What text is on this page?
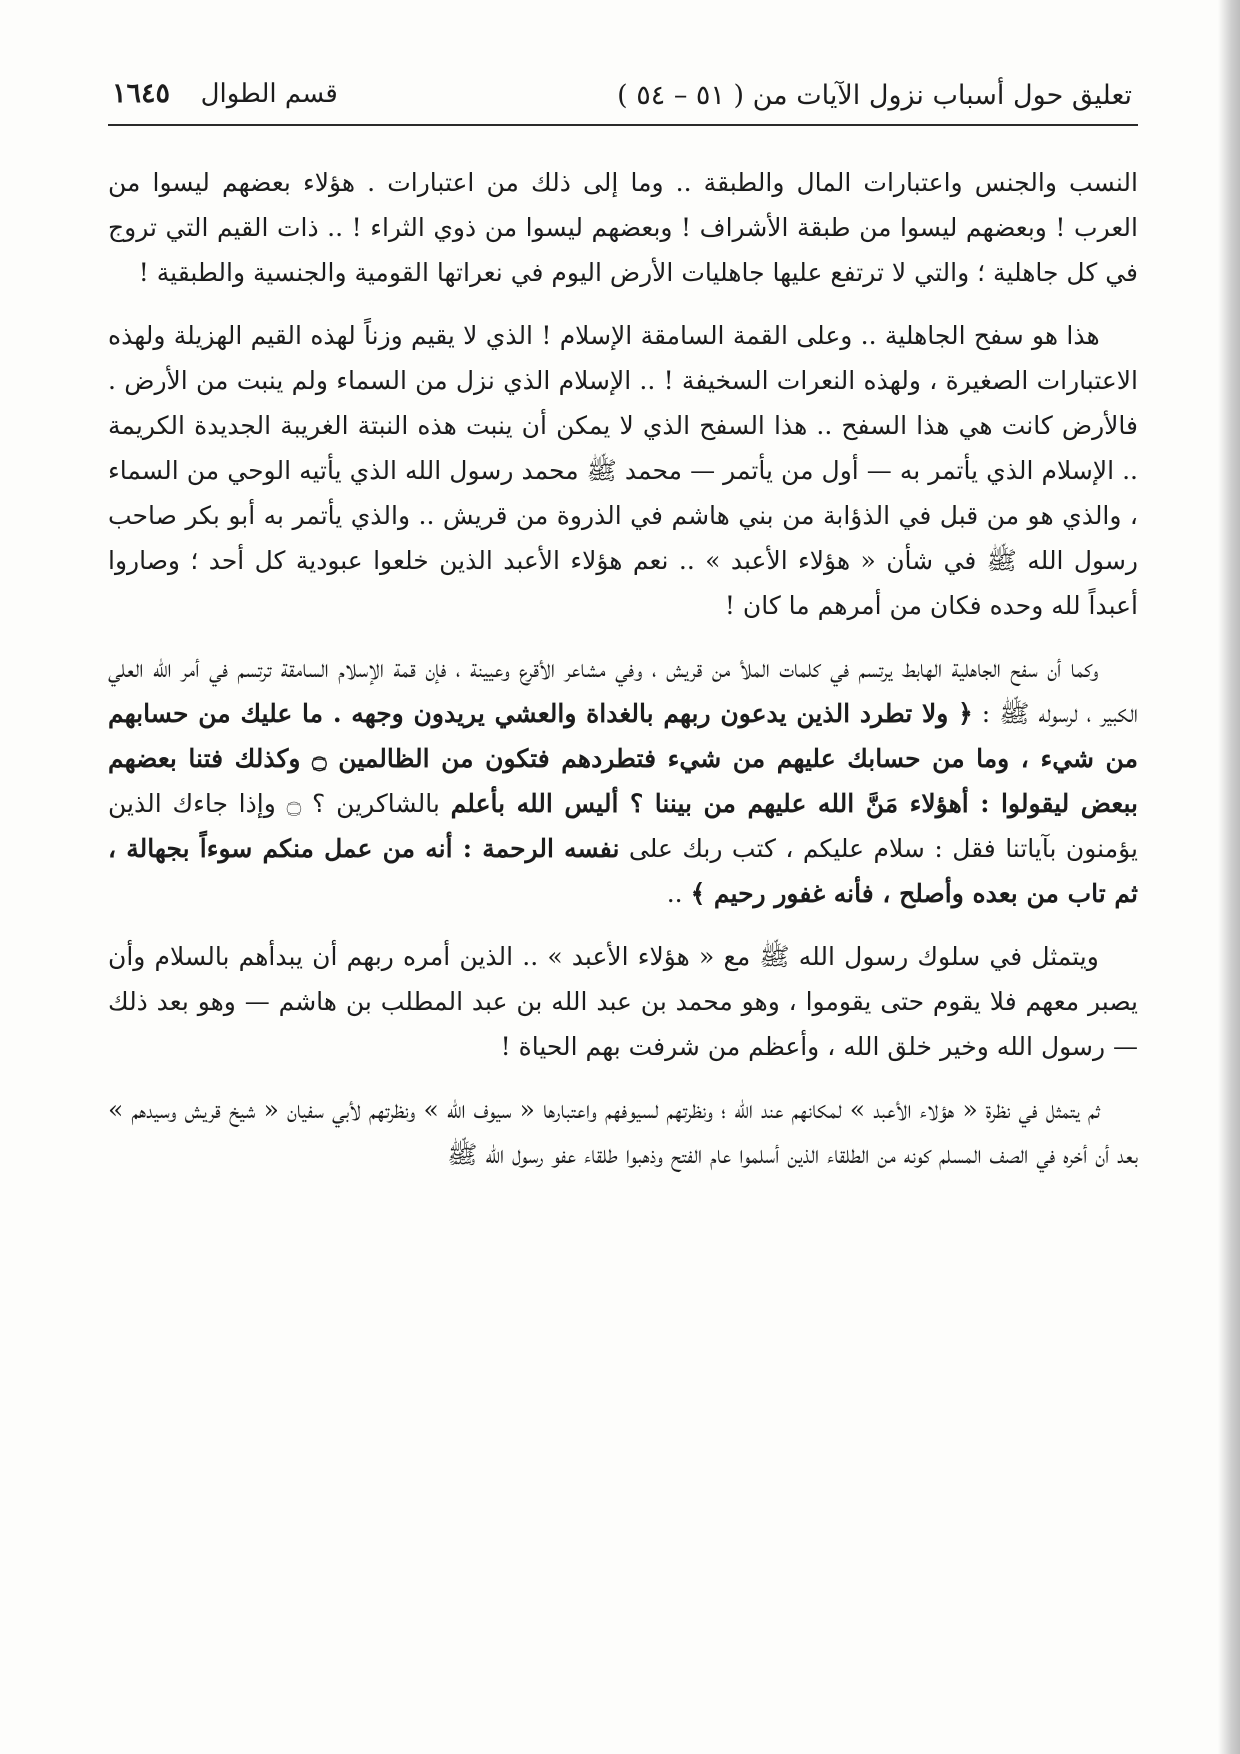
تعليق حول أسباب نزول الآيات من ( ٥١ – ٥٤ )
قسم الطوال ١٦٤٥

النسب والجنس واعتبارات المال والطبقة .. وما إلى ذلك من اعتبارات . هؤلاء بعضهم ليسوا من العرب ! وبعضهم ليسوا من طبقة الأشراف ! وبعضهم ليسوا من ذوي الثراء ! .. ذات القيم التي تروج في كل جاهلية ؛ والتي لا ترتفع عليها جاهليات الأرض اليوم في نعراتها القومية والجنسية والطبقية !

هذا هو سفح الجاهلية .. وعلى القمة السامقة الإسلام ! الذي لا يقيم وزناً لهذه القيم الهزيلة ولهذه الاعتبارات الصغيرة ، ولهذه النعرات السخيفة ! .. الإسلام الذي نزل من السماء ولم ينبت من الأرض . فالأرض كانت هي هذا السفح .. هذا السفح الذي لا يمكن أن ينبت هذه النبتة الغريبة الجديدة الكريمة .. الإسلام الذي يأتمر به — أول من يأتمر — محمد ﷺ محمد رسول الله الذي يأتيه الوحي من السماء ، والذي هو من قبل في الذؤابة من بني هاشم في الذروة من قريش .. والذي يأتمر به أبو بكر صاحب رسول الله ﷺ في شأن « هؤلاء الأعبد » .. نعم هؤلاء الأعبد الذين خلعوا عبودية كل أحد ؛ وصاروا أعبداً لله وحده فكان من أمرهم ما كان !

وكما أن سفح الجاهلية الهابط يرتسم في كلمات الملأ من قريش ، وفي مشاعر الأقرع وعيينة ، فإن قمة الإسلام السامقة ترتسم في أمر الله العلي الكبير ، لرسوله ﷺ : ﴿ ولا تطرد الذين يدعون ربهم بالغداة والعشي يريدون وجهه . ما عليك من حسابهم من شيء ، وما من حسابك عليهم من شيء فتطردهم فتكون من الظالمين ۝ وكذلك فتنا بعضهم ببعض ليقولوا : أهؤلاء مَنَّ الله عليهم من بيننا ؟ أليس الله بأعلم بالشاكرين ؟ ۝ وإذا جاءك الذين يؤمنون بآياتنا فقل : سلام عليكم ، كتب ربك على نفسه الرحمة : أنه من عمل منكم سوءاً بجهالة ، ثم تاب من بعده وأصلح ، فأنه غفور رحيم ﴾ ..

ويتمثل في سلوك رسول الله ﷺ مع « هؤلاء الأعبد » .. الذين أمره ربهم أن يبدأهم بالسلام وأن يصبر معهم فلا يقوم حتى يقوموا ، وهو محمد بن عبد الله بن عبد المطلب بن هاشم — وهو بعد ذلك — رسول الله وخير خلق الله ، وأعظم من شرفت بهم الحياة !

ثم يتمثل في نظرة « هؤلاء الأعبد » لمكانهم عند الله ؛ ونظرتهم لسيوفهم واعتبارها « سيوف الله » ونظرتهم لأبي سفيان « شيخ قريش وسيدهم » بعد أن أخره في الصف المسلم كونه من الطلقاء الذين أسلموا عام الفتح وذهبوا طلقاء عفو رسول الله ﷺ
